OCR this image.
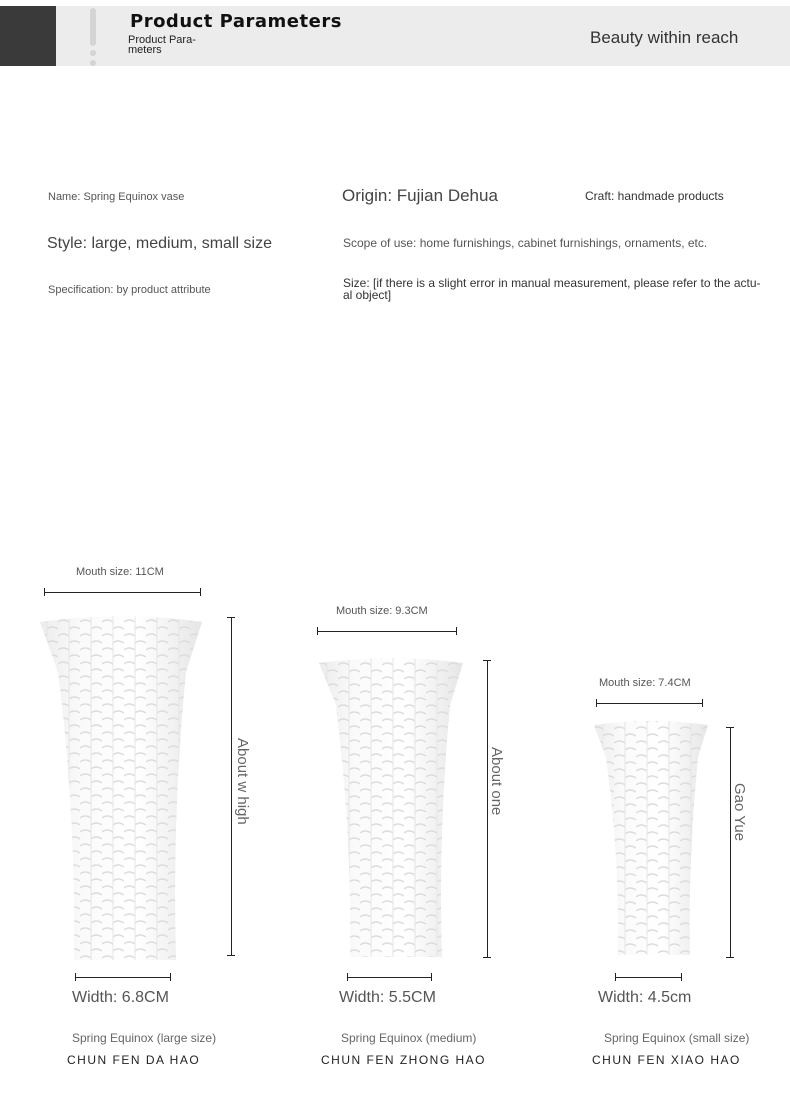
Product Parameters
Product Para- meters
Beauty within reach
Name: Spring Equinox vase	Origin: Fujian Dehua	Craft: handmade products
Style: large, medium, small size	Scope of use: home furnishings, cabinet furnishings, ornaments, etc.
Specification: by product attribute	Size: [if there is a slight error in manual measurement, please refer to the actu- al object]
Mouth size: 11CM
About w high
Width: 6.8CM
Spring Equinox (large size)
CHUN FEN DA HAO
Mouth size: 9.3CM
About one
Width: 5.5CM
Spring Equinox (medium)
CHUN FEN ZHONG HAO
Mouth size: 7.4CM
Gao Yue
Width: 4.5cm
Spring Equinox (small size)
CHUN FEN XIAO HAO
